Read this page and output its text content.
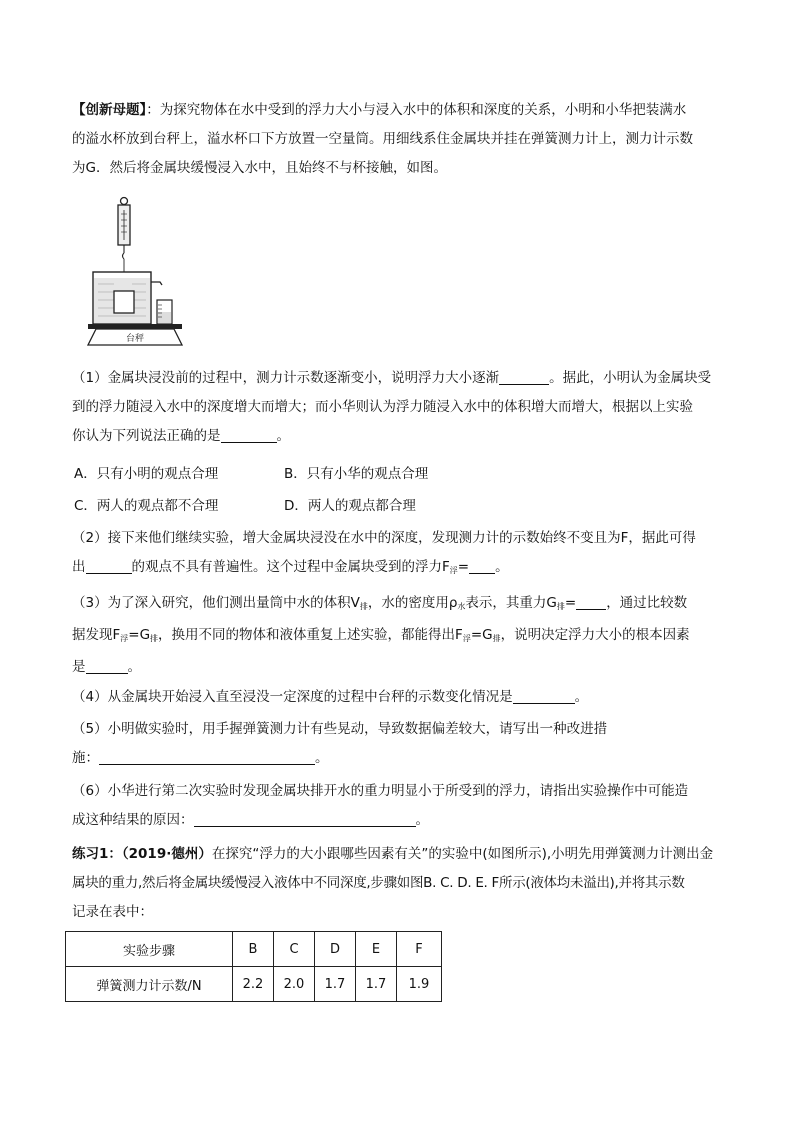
【创新母题】：为探究物体在水中受到的浮力大小与浸入水中的体积和深度的关系，小明和小华把装满水
的溢水杯放到台秤上，溢水杯口下方放置一空量筒。用细线系住金属块并挂在弹簧测力计上，测力计示数
为G．然后将金属块缓慢浸入水中，且始终不与杯接触，如图。
台秤
（1）金属块浸没前的过程中，测力计示数逐渐变小，说明浮力大小逐渐	。据此，小明认为金属块受
到的浮力随浸入水中的深度增大而增大；而小华则认为浮力随浸入水中的体积增大而增大，根据以上实验
你认为下列说法正确的是	。
A．只有小明的观点合理	B．只有小华的观点合理
C．两人的观点都不合理	D．两人的观点都合理
（2）接下来他们继续实验，增大金属块浸没在水中的深度，发现测力计的示数始终不变且为F，据此可得
出	的观点不具有普遍性。这个过程中金属块受到的浮力$F_浮=$ 。
（3）为了深入研究，他们测出量筒中水的体积$V_排$，水的密度用$\rho_水$表示，其重力$G_排=$ ，通过比较数
据发现$F_浮=G_排$，换用不同的物体和液体重复上述实验，都能得出$F_浮=G_排$，说明决定浮力大小的根本因素
是	。
（4）从金属块开始浸入直至浸没一定深度的过程中台秤的示数变化情况是	。
（5）小明做实验时，用手握弹簧测力计有些晃动，导致数据偏差较大，请写出一种改进措
施：	。
（6）小华进行第二次实验时发现金属块排开水的重力明显小于所受到的浮力，请指出实验操作中可能造
成这种结果的原因：	。
练习1：（2019·德州）在探究“浮力的大小跟哪些因素有关”的实验中(如图所示),小明先用弹簧测力计测出金
属块的重力,然后将金属块缓慢浸入液体中不同深度,步骤如图B. C. D. E. F所示(液体均未溢出),并将其示数
记录在表中：
实验步骤	B	C	D	E	F
弹簧测力计示数/N	2.2	2.0	1.7	1.7	1.9
